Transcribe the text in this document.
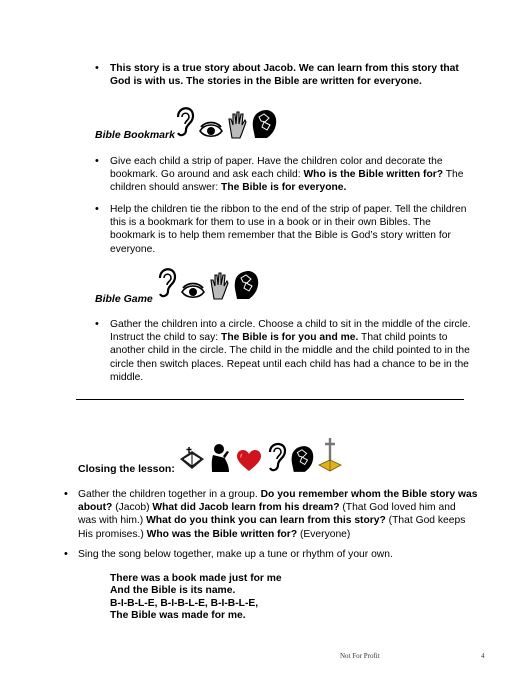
• This story is a true story about Jacob. We can learn from this story that
God is with us. The stories in the Bible are written for everyone.
Bible Bookmark
• Give each child a strip of paper. Have the children color and decorate the
bookmark. Go around and ask each child: Who is the Bible written for? The
children should answer: The Bible is for everyone.
• Help the children tie the ribbon to the end of the strip of paper. Tell the children
this is a bookmark for them to use in a book or in their own Bibles. The
bookmark is to help them remember that the Bible is God’s story written for
everyone.
Bible Game
• Gather the children into a circle. Choose a child to sit in the middle of the circle.
Instruct the child to say: The Bible is for you and me. That child points to
another child in the circle. The child in the middle and the child pointed to in the
circle then switch places. Repeat until each child has had a chance to be in the
middle.
Closing the lesson:
• Gather the children together in a group. Do you remember whom the Bible story was
about? (Jacob) What did Jacob learn from his dream? (That God loved him and
was with him.) What do you think you can learn from this story? (That God keeps
His promises.) Who was the Bible written for? (Everyone)
• Sing the song below together, make up a tune or rhythm of your own.
There was a book made just for me
And the Bible is its name.
B-I-B-L-E, B-I-B-L-E, B-I-B-L-E,
The Bible was made for me.
Not For Profit	4
